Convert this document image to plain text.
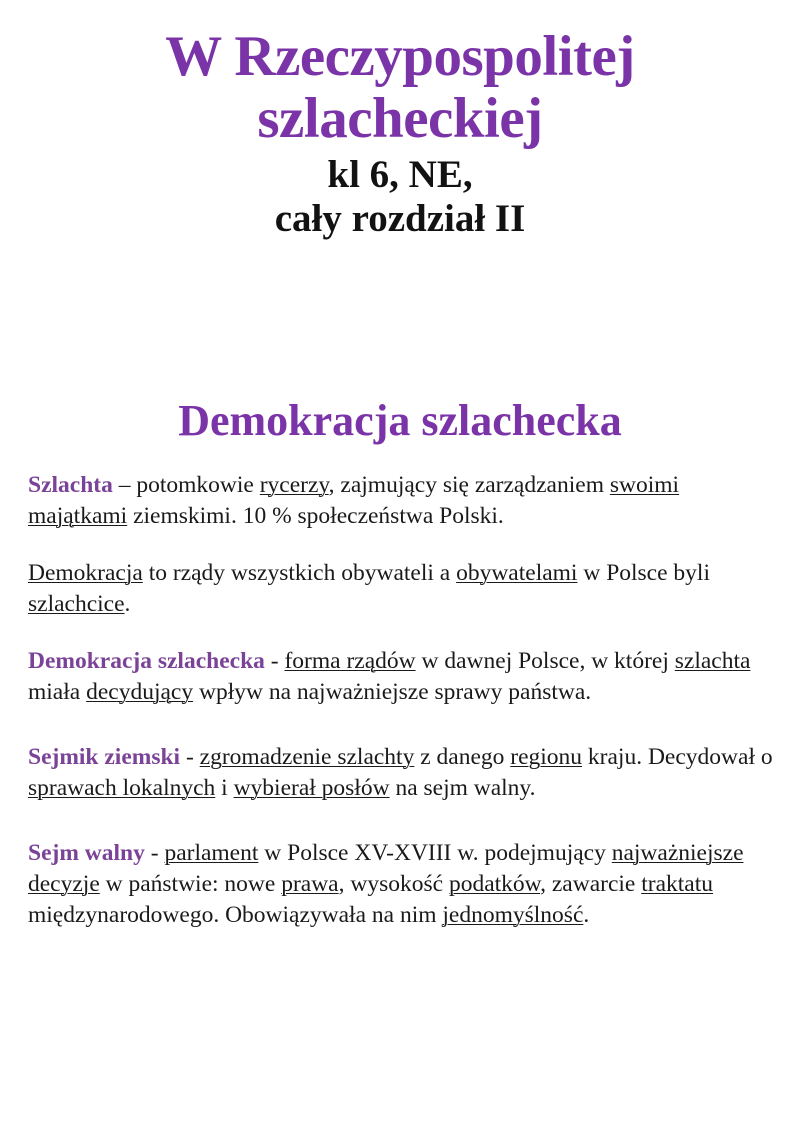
W Rzeczypospolitej szlacheckiej
kl 6, NE,
cały rozdział II
Demokracja szlachecka

Szlachta – potomkowie rycerzy, zajmujący się zarządzaniem swoimi majątkami ziemskimi. 10 % społeczeństwa Polski.

Demokracja to rządy wszystkich obywateli a obywatelami w Polsce byli szlachcice.

Demokracja szlachecka - forma rządów w dawnej Polsce, w której szlachta miała decydujący wpływ na najważniejsze sprawy państwa.

Sejmik ziemski - zgromadzenie szlachty z danego regionu kraju. Decydował o sprawach lokalnych i wybierał posłów na sejm walny.

Sejm walny - parlament w Polsce XV-XVIII w. podejmujący najważniejsze decyzje w państwie: nowe prawa, wysokość podatków, zawarcie traktatu międzynarodowego. Obowiązywała na nim jednomyślność.
